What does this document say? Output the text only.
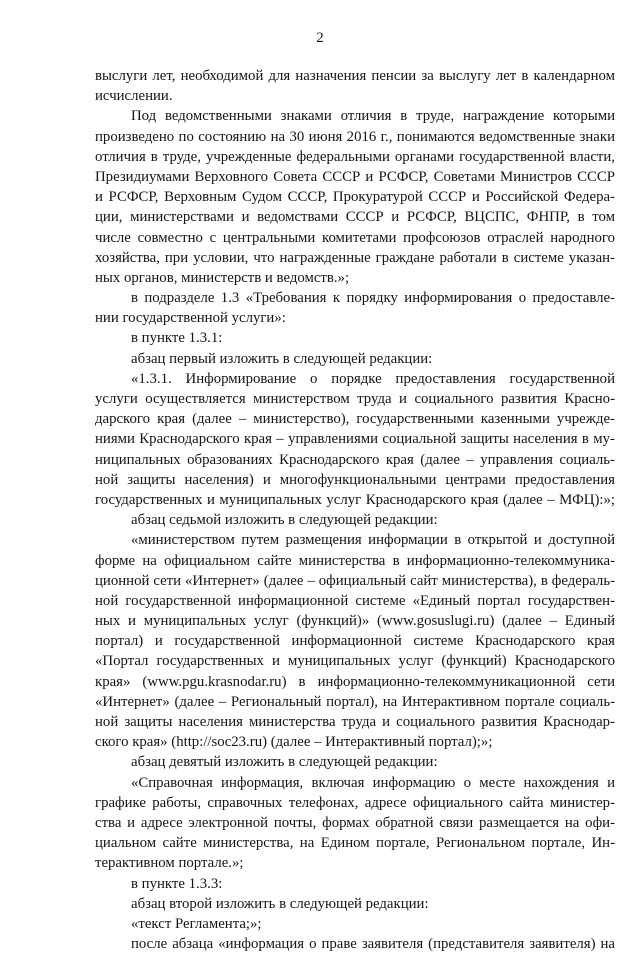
2
выслуги лет, необходимой для назначения пенсии за выслугу лет в календарном
исчислении.
Под ведомственными знаками отличия в труде, награждение которыми
произведено по состоянию на 30 июня 2016 г., понимаются ведомственные знаки
отличия в труде, учрежденные федеральными органами государственной власти,
Президиумами Верховного Совета СССР и РСФСР, Советами Министров СССР
и РСФСР, Верховным Судом СССР, Прокуратурой СССР и Российской Федера-
ции, министерствами и ведомствами СССР и РСФСР, ВЦСПС, ФНПР, в том
числе совместно с центральными комитетами профсоюзов отраслей народного
хозяйства, при условии, что награжденные граждане работали в системе указан-
ных органов, министерств и ведомств.»;
в подразделе 1.3 «Требования к порядку информирования о предоставле-
нии государственной услуги»:
в пункте 1.3.1:
абзац первый изложить в следующей редакции:
«1.3.1. Информирование о порядке предоставления государственной
услуги осуществляется министерством труда и социального развития Красно-
дарского края (далее – министерство), государственными казенными учрежде-
ниями Краснодарского края – управлениями социальной защиты населения в му-
ниципальных образованиях Краснодарского края (далее – управления социаль-
ной защиты населения) и многофункциональными центрами предоставления
государственных и муниципальных услуг Краснодарского края (далее – МФЦ):»;
абзац седьмой изложить в следующей редакции:
«министерством путем размещения информации в открытой и доступной
форме на официальном сайте министерства в информационно-телекоммуника-
ционной сети «Интернет» (далее – официальный сайт министерства), в федераль-
ной государственной информационной системе «Единый портал государствен-
ных и муниципальных услуг (функций)» (www.gosuslugi.ru) (далее – Единый
портал) и государственной информационной системе Краснодарского края
«Портал государственных и муниципальных услуг (функций) Краснодарского
края» (www.pgu.krasnodar.ru) в информационно-телекоммуникационной сети
«Интернет» (далее – Региональный портал), на Интерактивном портале социаль-
ной защиты населения министерства труда и социального развития Краснодар-
ского края» (http://soc23.ru) (далее – Интерактивный портал);»;
абзац девятый изложить в следующей редакции:
«Справочная информация, включая информацию о месте нахождения и
графике работы, справочных телефонах, адресе официального сайта министер-
ства и адресе электронной почты, формах обратной связи размещается на офи-
циальном сайте министерства, на Едином портале, Региональном портале, Ин-
терактивном портале.»;
в пункте 1.3.3:
абзац второй изложить в следующей редакции:
«текст Регламента;»;
после абзаца «информация о праве заявителя (представителя заявителя) на
